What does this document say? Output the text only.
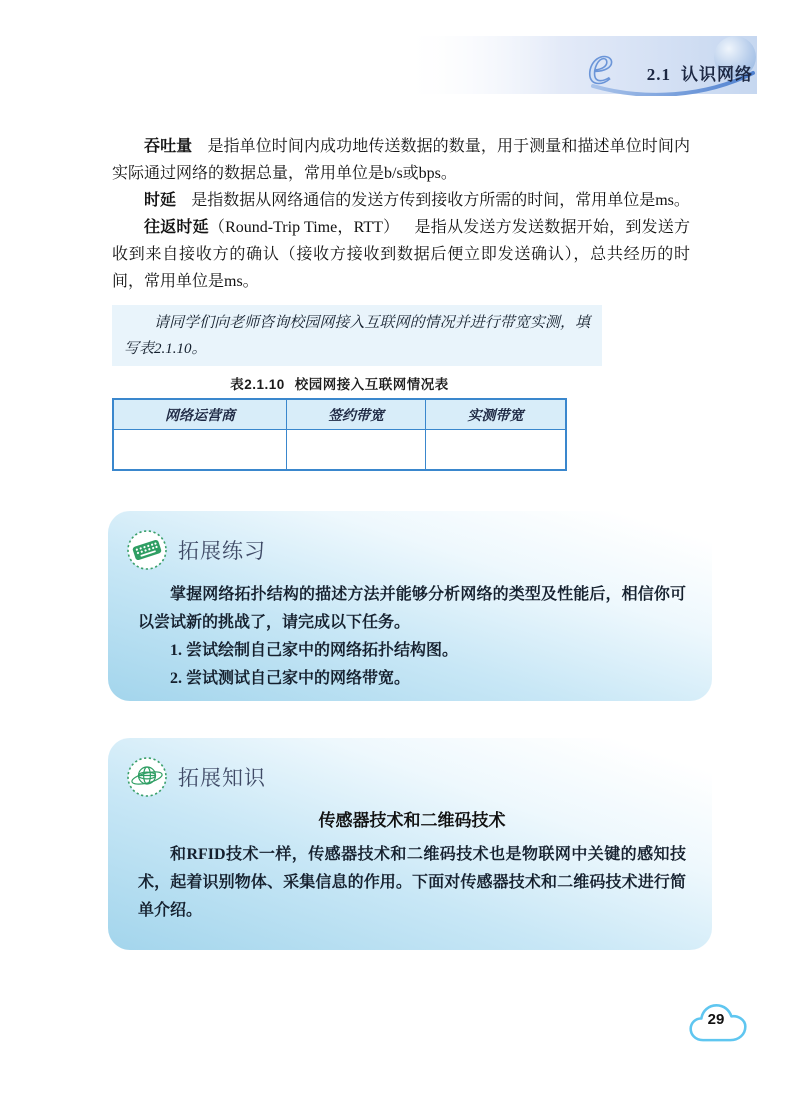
e	2.1 认识网络

吞吐量 是指单位时间内成功地传送数据的数量，用于测量和描述单位时间内实际通过网络的数据总量，常用单位是b/s或bps。

时延 是指数据从网络通信的发送方传到接收方所需的时间，常用单位是ms。

往返时延（Round-Trip Time，RTT） 是指从发送方发送数据开始，到发送方收到来自接收方的确认（接收方接收到数据后便立即发送确认），总共经历的时间，常用单位是ms。

请同学们向老师咨询校园网接入互联网的情况并进行带宽实测，填写表2.1.10。
表2.1.10 校园网接入互联网情况表
网络运营商	签约带宽	实测带宽

拓展练习
掌握网络拓扑结构的描述方法并能够分析网络的类型及性能后，相信你可以尝试新的挑战了，请完成以下任务。
1. 尝试绘制自己家中的网络拓扑结构图。
2. 尝试测试自己家中的网络带宽。
拓展知识
传感器技术和二维码技术
和RFID技术一样，传感器技术和二维码技术也是物联网中关键的感知技术，起着识别物体、采集信息的作用。下面对传感器技术和二维码技术进行简单介绍。
29
